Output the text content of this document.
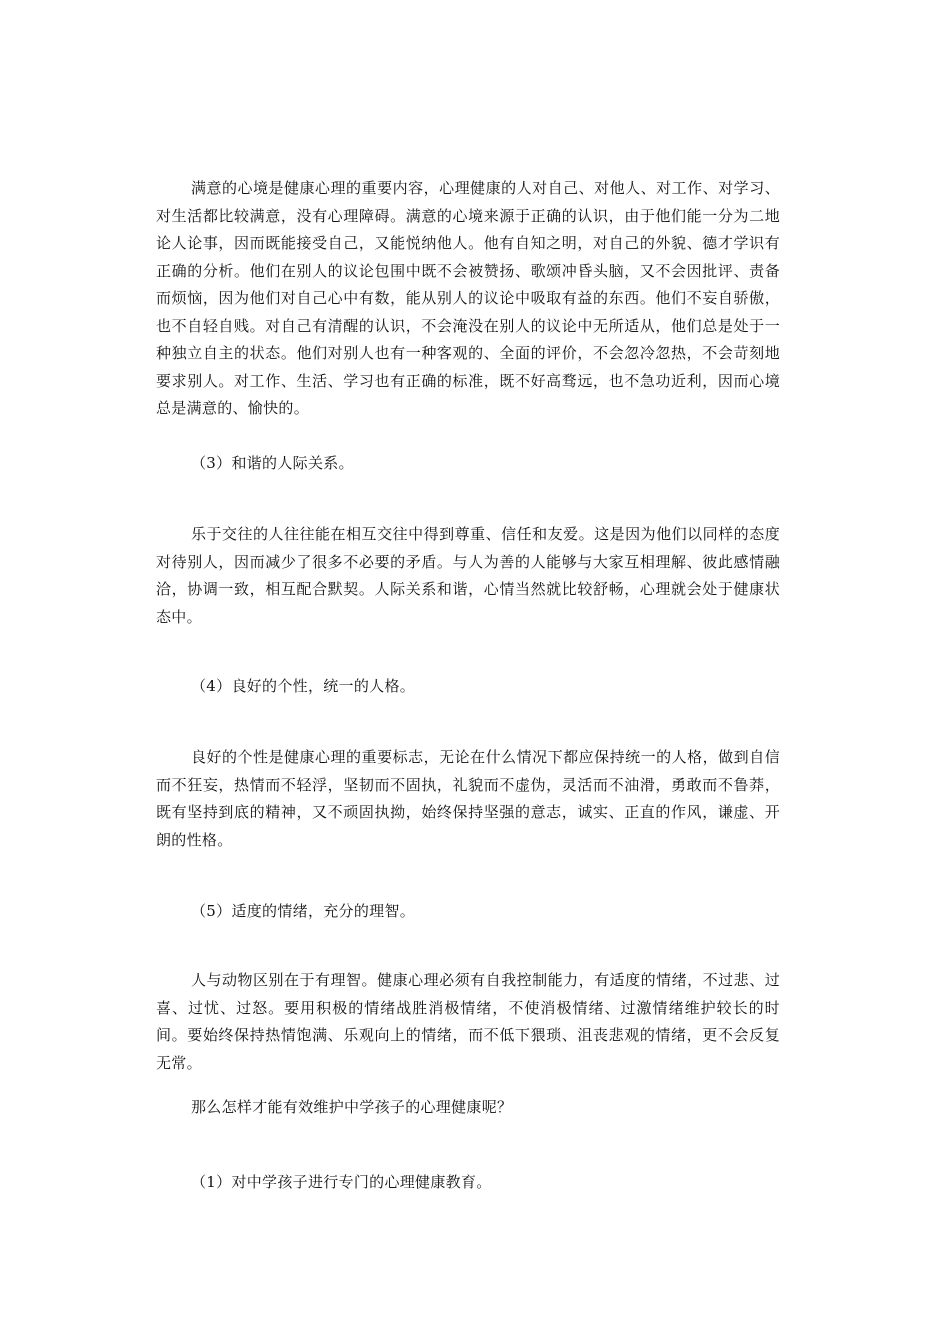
满意的心境是健康心理的重要内容，心理健康的人对自己、对他人、对工作、对学习、对生活都比较满意，没有心理障碍。满意的心境来源于正确的认识，由于他们能一分为二地论人论事，因而既能接受自己，又能悦纳他人。他有自知之明，对自己的外貌、德才学识有正确的分析。他们在别人的议论包围中既不会被赞扬、歌颂冲昏头脑，又不会因批评、责备而烦恼，因为他们对自己心中有数，能从别人的议论中吸取有益的东西。他们不妄自骄傲，也不自轻自贱。对自己有清醒的认识，不会淹没在别人的议论中无所适从，他们总是处于一种独立自主的状态。他们对别人也有一种客观的、全面的评价，不会忽冷忽热，不会苛刻地要求别人。对工作、生活、学习也有正确的标准，既不好高骛远，也不急功近利，因而心境总是满意的、愉快的。

（3）和谐的人际关系。

乐于交往的人往往能在相互交往中得到尊重、信任和友爱。这是因为他们以同样的态度对待别人，因而减少了很多不必要的矛盾。与人为善的人能够与大家互相理解、彼此感情融洽，协调一致，相互配合默契。人际关系和谐，心情当然就比较舒畅，心理就会处于健康状态中。

（4）良好的个性，统一的人格。

良好的个性是健康心理的重要标志，无论在什么情况下都应保持统一的人格，做到自信而不狂妄，热情而不轻浮，坚韧而不固执，礼貌而不虚伪，灵活而不油滑，勇敢而不鲁莽，既有坚持到底的精神，又不顽固执拗，始终保持坚强的意志，诚实、正直的作风，谦虚、开朗的性格。

（5）适度的情绪，充分的理智。

人与动物区别在于有理智。健康心理必须有自我控制能力，有适度的情绪，不过悲、过喜、过忧、过怒。要用积极的情绪战胜消极情绪，不使消极情绪、过激情绪维护较长的时间。要始终保持热情饱满、乐观向上的情绪，而不低下猥琐、沮丧悲观的情绪，更不会反复无常。

那么怎样才能有效维护中学孩子的心理健康呢？

（1）对中学孩子进行专门的心理健康教育。
